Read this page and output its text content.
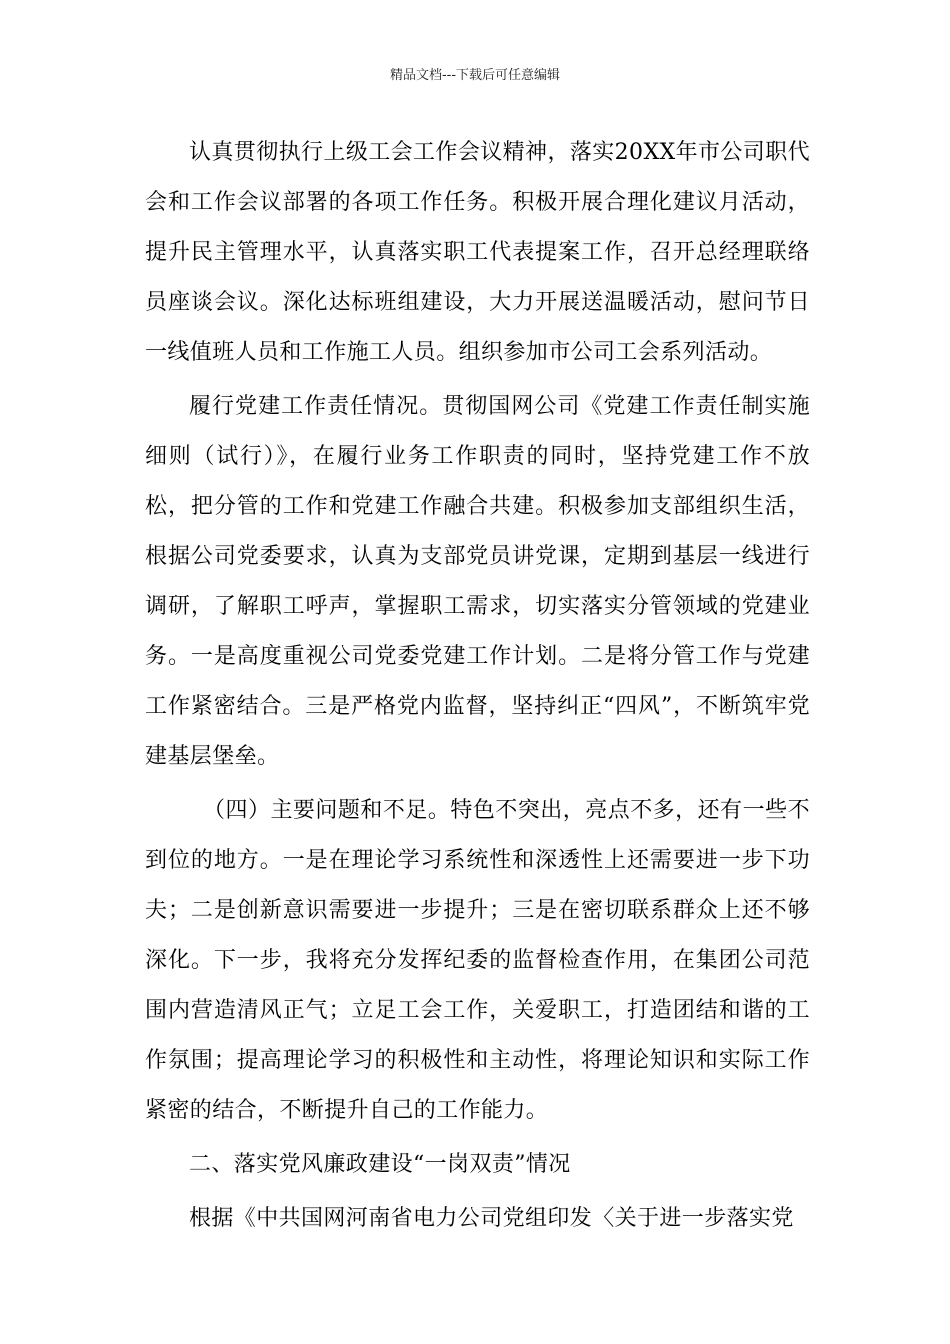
精品文档---下载后可任意编辑

认真贯彻执行上级工会工作会议精神，落实20XX年市公司职代会和工作会议部署的各项工作任务。积极开展合理化建议月活动，提升民主管理水平，认真落实职工代表提案工作，召开总经理联络员座谈会议。深化达标班组建设，大力开展送温暖活动，慰问节日一线值班人员和工作施工人员。组织参加市公司工会系列活动。

履行党建工作责任情况。贯彻国网公司《党建工作责任制实施细则（试行）》，在履行业务工作职责的同时，坚持党建工作不放松，把分管的工作和党建工作融合共建。积极参加支部组织生活，根据公司党委要求，认真为支部党员讲党课，定期到基层一线进行调研，了解职工呼声，掌握职工需求，切实落实分管领域的党建业务。一是高度重视公司党委党建工作计划。二是将分管工作与党建工作紧密结合。三是严格党内监督，坚持纠正“四风”，不断筑牢党建基层堡垒。

（四）主要问题和不足。特色不突出，亮点不多，还有一些不到位的地方。一是在理论学习系统性和深透性上还需要进一步下功夫；二是创新意识需要进一步提升；三是在密切联系群众上还不够深化。下一步，我将充分发挥纪委的监督检查作用，在集团公司范围内营造清风正气；立足工会工作，关爱职工，打造团结和谐的工作氛围；提高理论学习的积极性和主动性，将理论知识和实际工作紧密的结合，不断提升自己的工作能力。

二、落实党风廉政建设“一岗双责”情况

根据《中共国网河南省电力公司党组印发〈关于进一步落实党
